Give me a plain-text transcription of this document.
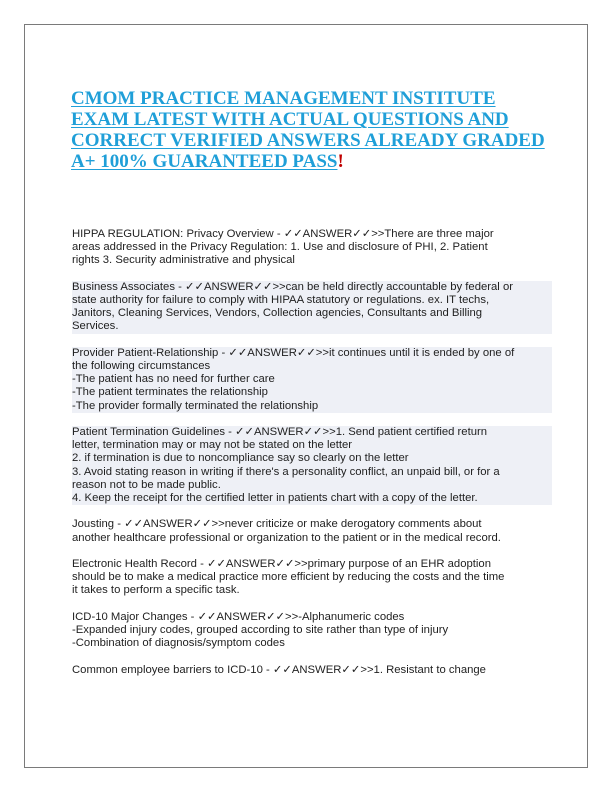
CMOM PRACTICE MANAGEMENT INSTITUTE EXAM LATEST WITH ACTUAL QUESTIONS AND CORRECT VERIFIED ANSWERS ALREADY GRADED A+ 100% GUARANTEED PASS!
HIPPA REGULATION: Privacy Overview - ✓✓ANSWER✓✓>>There are three major
areas addressed in the Privacy Regulation: 1. Use and disclosure of PHI, 2. Patient
rights 3. Security administrative and physical
Business Associates - ✓✓ANSWER✓✓>>can be held directly accountable by federal or
state authority for failure to comply with HIPAA statutory or regulations. ex. IT techs,
Janitors, Cleaning Services, Vendors, Collection agencies, Consultants and Billing
Services.
Provider Patient-Relationship - ✓✓ANSWER✓✓>>it continues until it is ended by one of
the following circumstances
-The patient has no need for further care
-The patient terminates the relationship
-The provider formally terminated the relationship
Patient Termination Guidelines - ✓✓ANSWER✓✓>>1. Send patient certified return
letter, termination may or may not be stated on the letter
2. if termination is due to noncompliance say so clearly on the letter
3. Avoid stating reason in writing if there's a personality conflict, an unpaid bill, or for a
reason not to be made public.
4. Keep the receipt for the certified letter in patients chart with a copy of the letter.
Jousting - ✓✓ANSWER✓✓>>never criticize or make derogatory comments about
another healthcare professional or organization to the patient or in the medical record.
Electronic Health Record - ✓✓ANSWER✓✓>>primary purpose of an EHR adoption
should be to make a medical practice more efficient by reducing the costs and the time
it takes to perform a specific task.
ICD-10 Major Changes - ✓✓ANSWER✓✓>>-Alphanumeric codes
-Expanded injury codes, grouped according to site rather than type of injury
-Combination of diagnosis/symptom codes
Common employee barriers to ICD-10 - ✓✓ANSWER✓✓>>1. Resistant to change
